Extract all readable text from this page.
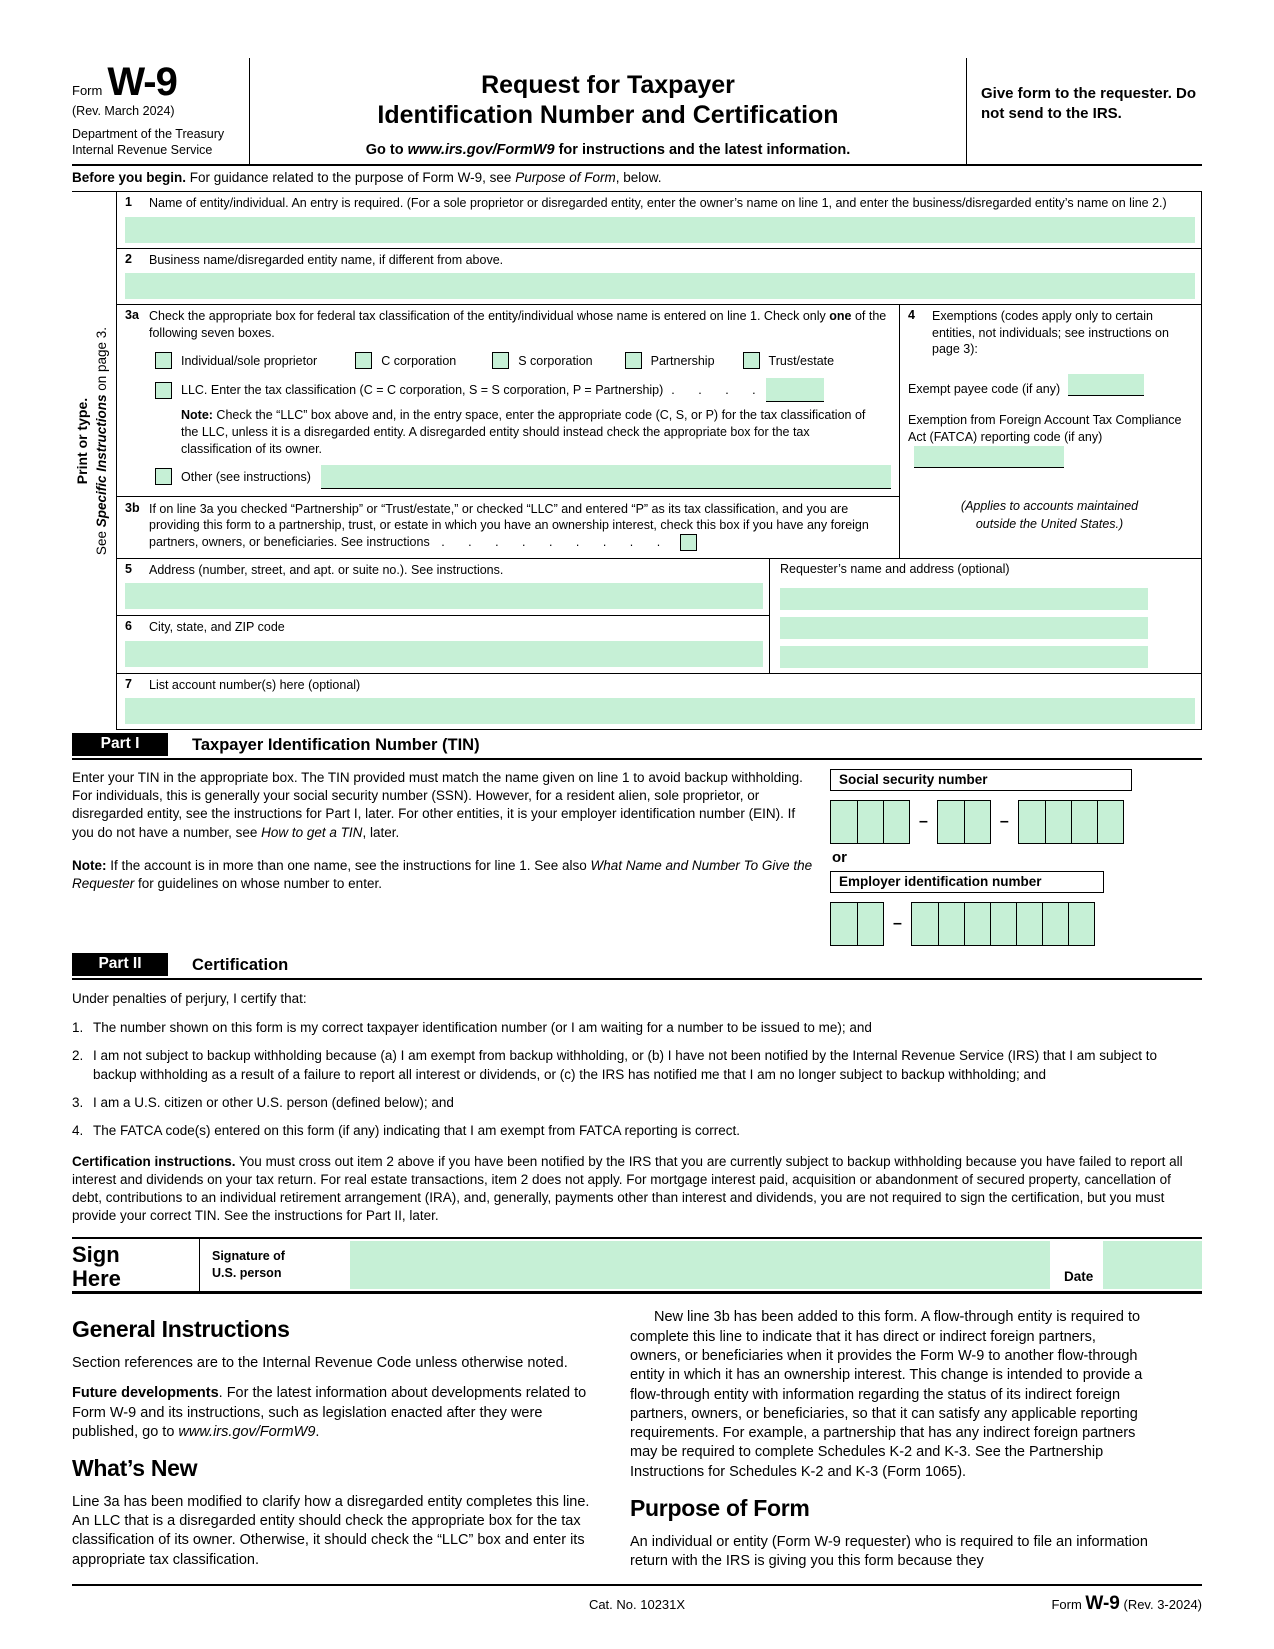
Form W-9
(Rev. March 2024)
Department of the Treasury
Internal Revenue Service
Request for Taxpayer
Identification Number and Certification
Go to www.irs.gov/FormW9 for instructions and the latest information.
Give form to the requester. Do not send to the IRS.
Before you begin. For guidance related to the purpose of Form W-9, see Purpose of Form, below.
Print or type.
See Specific Instructions on page 3.
1	Name of entity/individual. An entry is required. (For a sole proprietor or disregarded entity, enter the owner’s name on line 1, and enter the business/disregarded entity’s name on line 2.)
2	Business name/disregarded entity name, if different from above.
3a Check the appropriate box for federal tax classification of the entity/individual whose name is entered on line 1. Check only one of the following seven boxes.
Individual/sole proprietor	C corporation	S corporation	Partnership	Trust/estate
LLC. Enter the tax classification (C = C corporation, S = S corporation, P = Partnership) . . . .
Note: Check the “LLC” box above and, in the entry space, enter the appropriate code (C, S, or P) for the tax classification of the LLC, unless it is a disregarded entity. A disregarded entity should instead check the appropriate box for the tax classification of its owner.
Other (see instructions)
3b If on line 3a you checked “Partnership” or “Trust/estate,” or checked “LLC” and entered “P” as its tax classification, and you are providing this form to a partnership, trust, or estate in which you have an ownership interest, check this box if you have any foreign partners, owners, or beneficiaries. See instructions . . . . . . . . .
4	Exemptions (codes apply only to certain entities, not individuals; see instructions on page 3):
Exempt payee code (if any)
Exemption from Foreign Account Tax Compliance Act (FATCA) reporting code (if any)
(Applies to accounts maintained
outside the United States.)
5	Address (number, street, and apt. or suite no.). See instructions.
6	City, state, and ZIP code
Requester’s name and address (optional)
7	List account number(s) here (optional)
Part I	Taxpayer Identification Number (TIN)

Enter your TIN in the appropriate box. The TIN provided must match the name given on line 1 to avoid backup withholding. For individuals, this is generally your social security number (SSN). However, for a resident alien, sole proprietor, or disregarded entity, see the instructions for Part I, later. For other entities, it is your employer identification number (EIN). If you do not have a number, see How to get a TIN, later.

Note: If the account is in more than one name, see the instructions for line 1. See also What Name and Number To Give the Requester for guidelines on whose number to enter.

Social security number
–	–
or
Employer identification number
–
Part II	Certification
Under penalties of perjury, I certify that:
1. The number shown on this form is my correct taxpayer identification number (or I am waiting for a number to be issued to me); and
2. I am not subject to backup withholding because (a) I am exempt from backup withholding, or (b) I have not been notified by the Internal Revenue Service (IRS) that I am subject to backup withholding as a result of a failure to report all interest or dividends, or (c) the IRS has notified me that I am no longer subject to backup withholding; and
3. I am a U.S. citizen or other U.S. person (defined below); and
4. The FATCA code(s) entered on this form (if any) indicating that I am exempt from FATCA reporting is correct.
Certification instructions. You must cross out item 2 above if you have been notified by the IRS that you are currently subject to backup withholding because you have failed to report all interest and dividends on your tax return. For real estate transactions, item 2 does not apply. For mortgage interest paid, acquisition or abandonment of secured property, cancellation of debt, contributions to an individual retirement arrangement (IRA), and, generally, payments other than interest and dividends, you are not required to sign the certification, but you must provide your correct TIN. See the instructions for Part II, later.
Sign
Here
Signature of
U.S. person	Date
General Instructions

Section references are to the Internal Revenue Code unless otherwise noted.

Future developments. For the latest information about developments related to Form W-9 and its instructions, such as legislation enacted after they were published, go to www.irs.gov/FormW9.

What’s New

Line 3a has been modified to clarify how a disregarded entity completes this line. An LLC that is a disregarded entity should check the appropriate box for the tax classification of its owner. Otherwise, it should check the “LLC” box and enter its appropriate tax classification.

New line 3b has been added to this form. A flow-through entity is required to complete this line to indicate that it has direct or indirect foreign partners, owners, or beneficiaries when it provides the Form W-9 to another flow-through entity in which it has an ownership interest. This change is intended to provide a flow-through entity with information regarding the status of its indirect foreign partners, owners, or beneficiaries, so that it can satisfy any applicable reporting requirements. For example, a partnership that has any indirect foreign partners may be required to complete Schedules K-2 and K-3. See the Partnership Instructions for Schedules K-2 and K-3 (Form 1065).

Purpose of Form

An individual or entity (Form W-9 requester) who is required to file an information return with the IRS is giving you this form because they

Cat. No. 10231X	Form W-9 (Rev. 3-2024)
